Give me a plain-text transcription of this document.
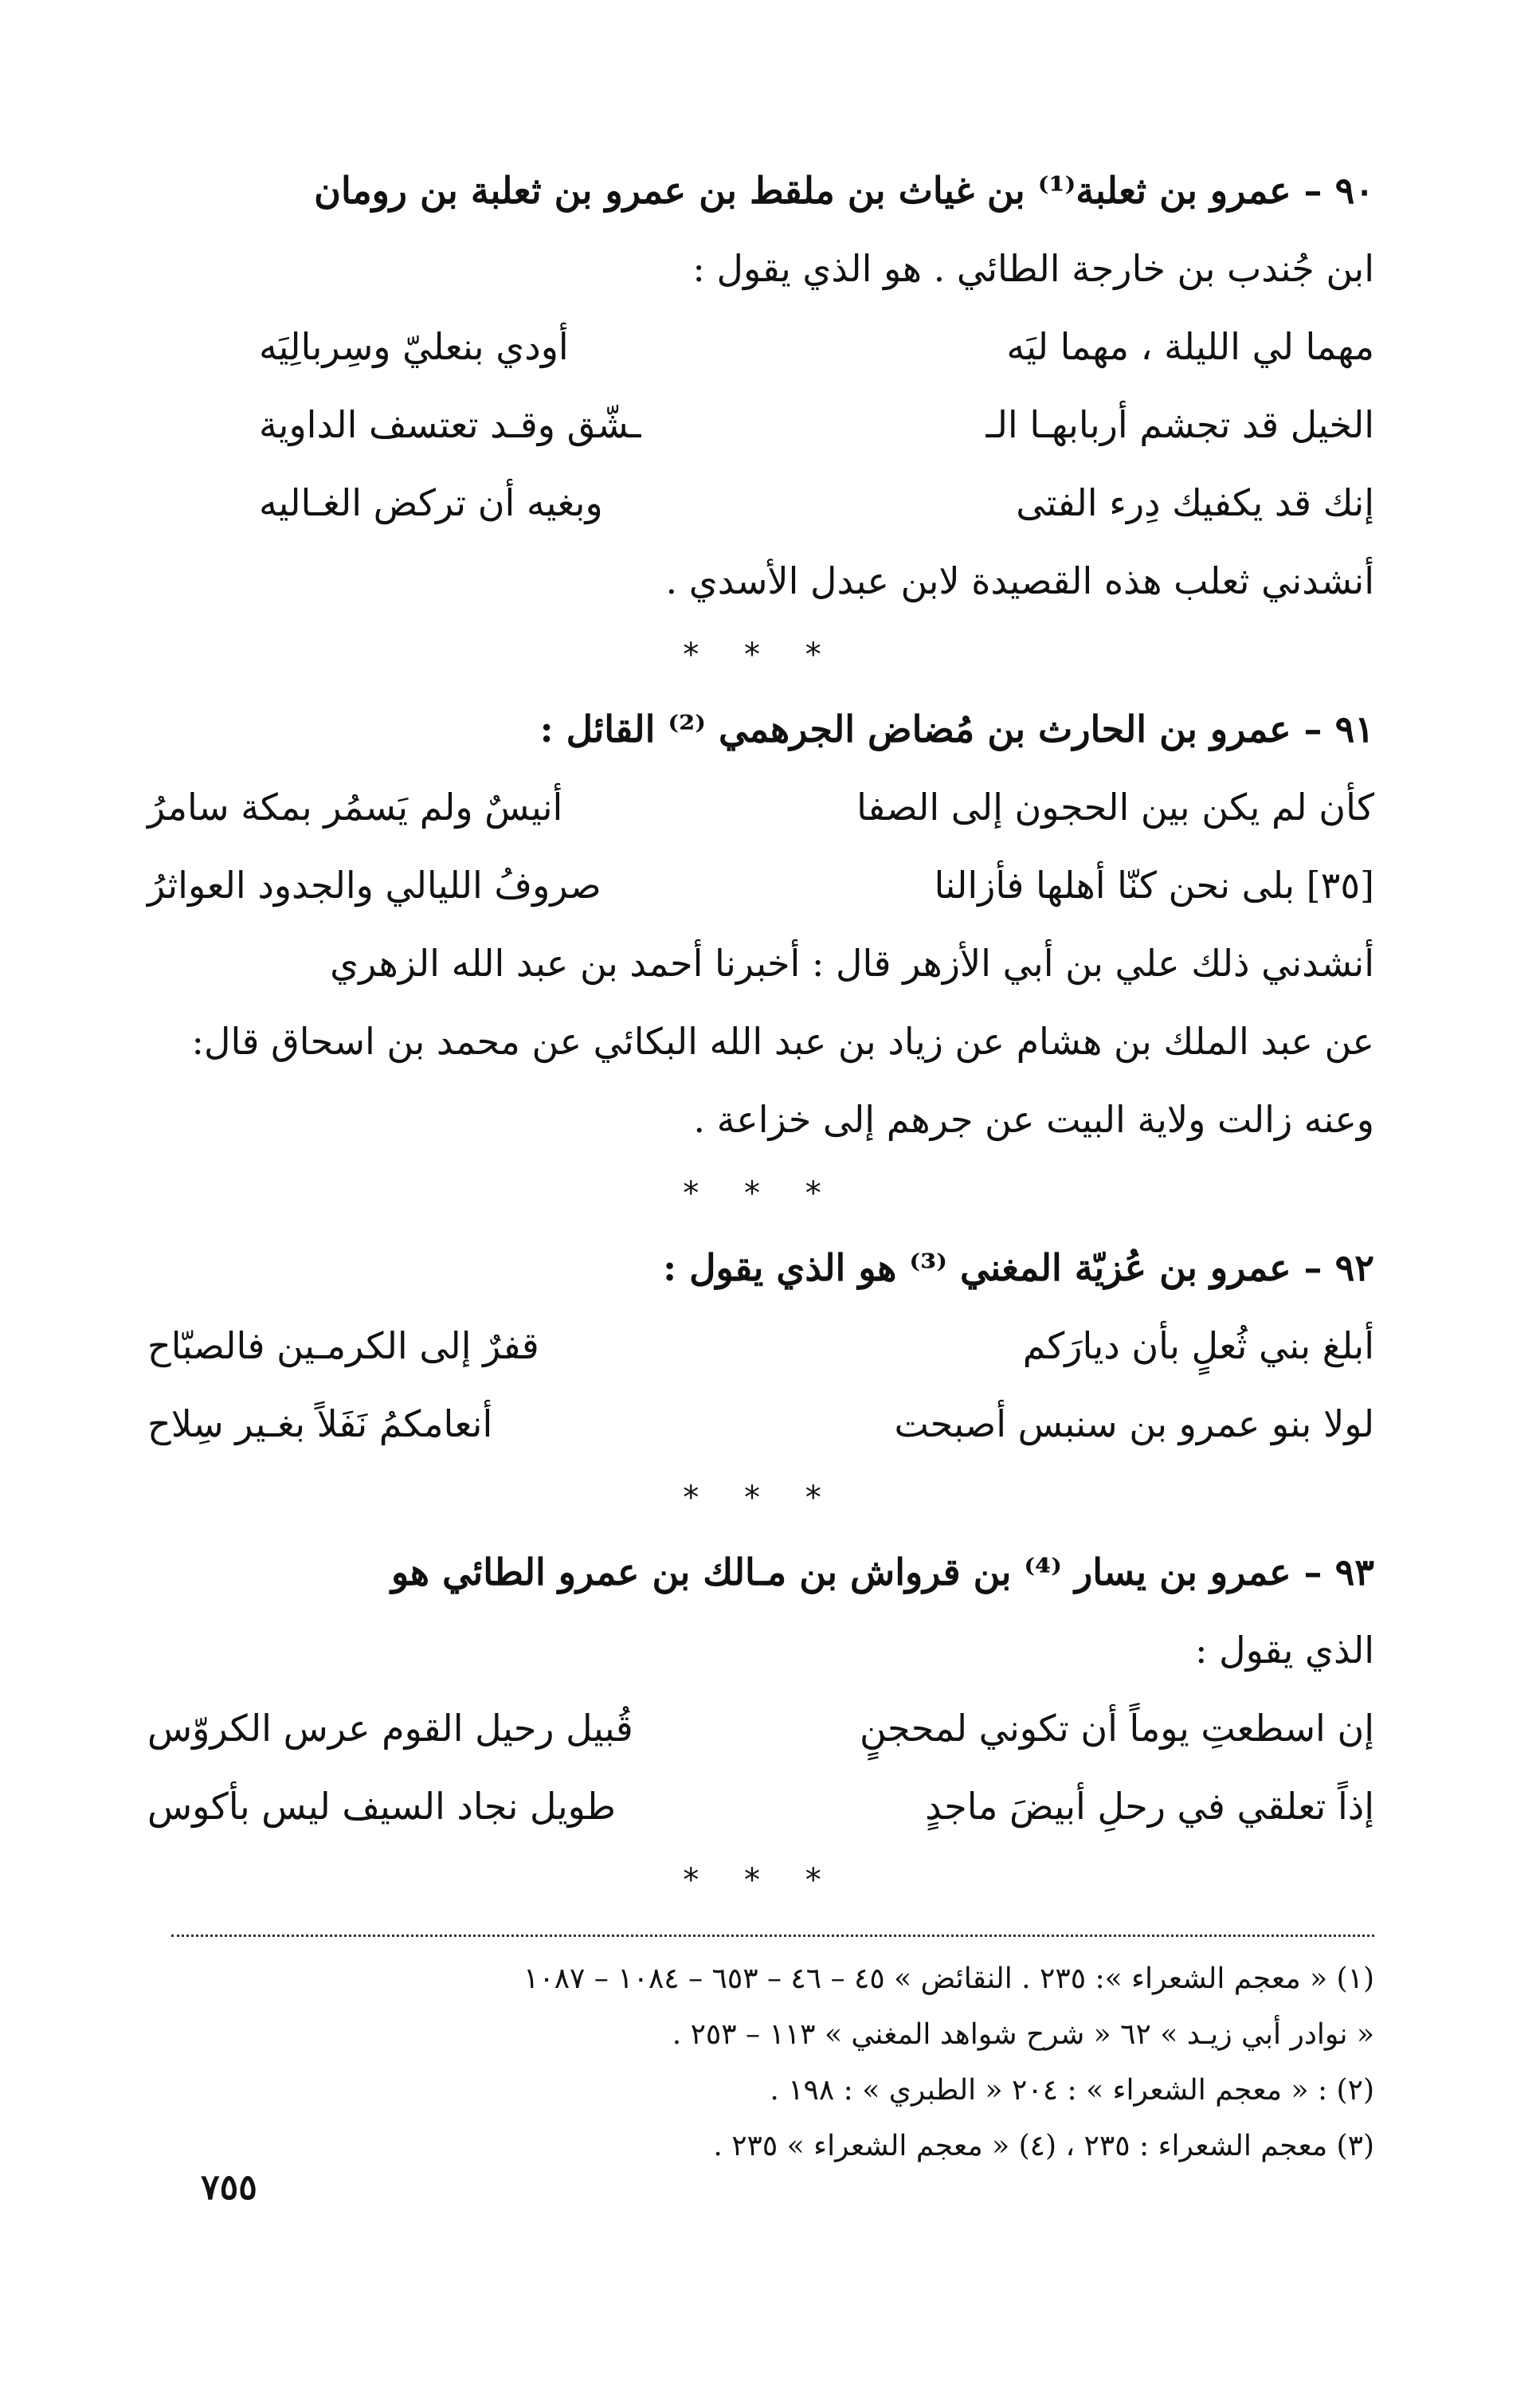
٩٠ – عمرو بن ثعلبة⁽¹⁾ بن غياث بن ملقط بن عمرو بن ثعلبة بن رومان

ابن جُندب بن خارجة الطائي . هو الذي يقول :

مهما لي الليلة ، مهما ليَه
أودي بنعليّ وسِربالِيَه
الخيل قد تجشم أربابهـا الـ
ـشّق وقـد تعتسف الداوية
إنك قد يكفيك دِرء الفتى
وبغيه أن تركض الغـاليه

أنشدني ثعلب هذه القصيدة لابن عبدل الأسدي .

* * *

٩١ – عمرو بن الحارث بن مُضاض الجرهمي ⁽²⁾ القائل :

كأن لم يكن بين الحجون إلى الصفا
أنيسٌ ولم يَسمُر بمكة سامرُ
[٣٥] بلى نحن كنّا أهلها فأزالنا
صروفُ الليالي والجدود العواثرُ

أنشدني ذلك علي بن أبي الأزهر قال : أخبرنا أحمد بن عبد الله الزهري

عن عبد الملك بن هشام عن زياد بن عبد الله البكائي عن محمد بن اسحاق قال:

وعنه زالت ولاية البيت عن جرهم إلى خزاعة .

* * *

٩٢ – عمرو بن عُزيّة المغني ⁽³⁾ هو الذي يقول :

أبلغ بني ثُعلٍ بأن ديارَكم
قفرٌ إلى الكرمـين فالصبّاح
لولا بنو عمرو بن سنبس أصبحت
أنعامكمُ نَفَلاً بغـير سِلاح
* * *

٩٣ – عمرو بن يسار ⁽⁴⁾ بن قرواش بن مـالك بن عمرو الطائي هو

الذي يقول :

إن اسطعتِ يوماً أن تكوني لمحجنٍ
قُبيل رحيل القوم عرس الكروّس
إذاً تعلقي في رحلِ أبيضَ ماجدٍ
طويل نجاد السيف ليس بأكوس
* * *

(١) « معجم الشعراء »: ٢٣٥ . النقائض » ٤٥ – ٤٦ – ٦٥٣ – ١٠٨٤ – ١٠٨٧

« نوادر أبي زيـد » ٦٢ « شرح شواهد المغني » ١١٣ – ٢٥٣ .

(٢) : « معجم الشعراء » : ٢٠٤ « الطبري » : ١٩٨ .

(٣) معجم الشعراء : ٢٣٥ ، (٤) « معجم الشعراء » ٢٣٥ .

٧٥٥
